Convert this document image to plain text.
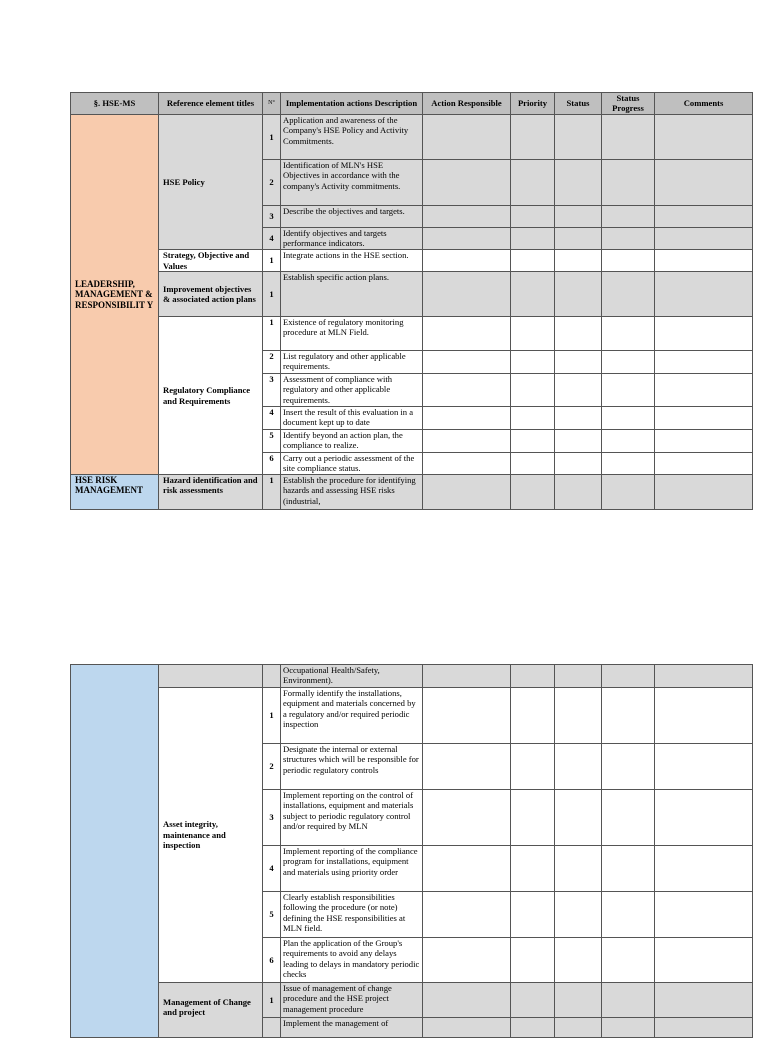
§. HSE-MS	Reference element titles	N°	Implementation actions Description	Action Responsible	Priority	Status	Status Progress	Comments
LEADERSHIP, MANAGEMENT & RESPONSIBILIT Y	HSE Policy	1	Application and awareness of the Company's HSE Policy and Activity Commitments.					
		2	Identification of MLN's HSE Objectives in accordance with the company's Activity commitments.					
		3	Describe the objectives and targets.					
		4	Identify objectives and targets performance indicators.					
	Strategy, Objective and Values	1	Integrate actions in the HSE section.					
	Improvement objectives & associated action plans	1	Establish specific action plans.					
	Regulatory Compliance and Requirements	1	Existence of regulatory monitoring procedure at MLN Field.					
		2	List regulatory and other applicable requirements.					
		3	Assessment of compliance with regulatory and other applicable requirements.					
		4	Insert the result of this evaluation in a document kept up to date					
		5	Identify beyond an action plan, the compliance to realize.					
		6	Carry out a periodic assessment of the site compliance status.					
HSE RISK MANAGEMENT	Hazard identification and risk assessments	1	Establish the procedure for identifying hazards and assessing HSE risks (industrial,					
			Occupational Health/Safety, Environment).					
	Asset integrity, maintenance and inspection	1	Formally identify the installations, equipment and materials concerned by a regulatory and/or required periodic inspection					
		2	Designate the internal or external structures which will be responsible for periodic regulatory controls					
		3	Implement reporting on the control of installations, equipment and materials subject to periodic regulatory control and/or required by MLN					
		4	Implement reporting of the compliance program for installations, equipment and materials using priority order					
		5	Clearly establish responsibilities following the procedure (or note) defining the HSE responsibilities at MLN field.					
		6	Plan the application of the Group's requirements to avoid any delays leading to delays in mandatory periodic checks					
	Management of Change and project	1	Issue of management of change procedure and the HSE project management procedure					
			Implement the management of					
